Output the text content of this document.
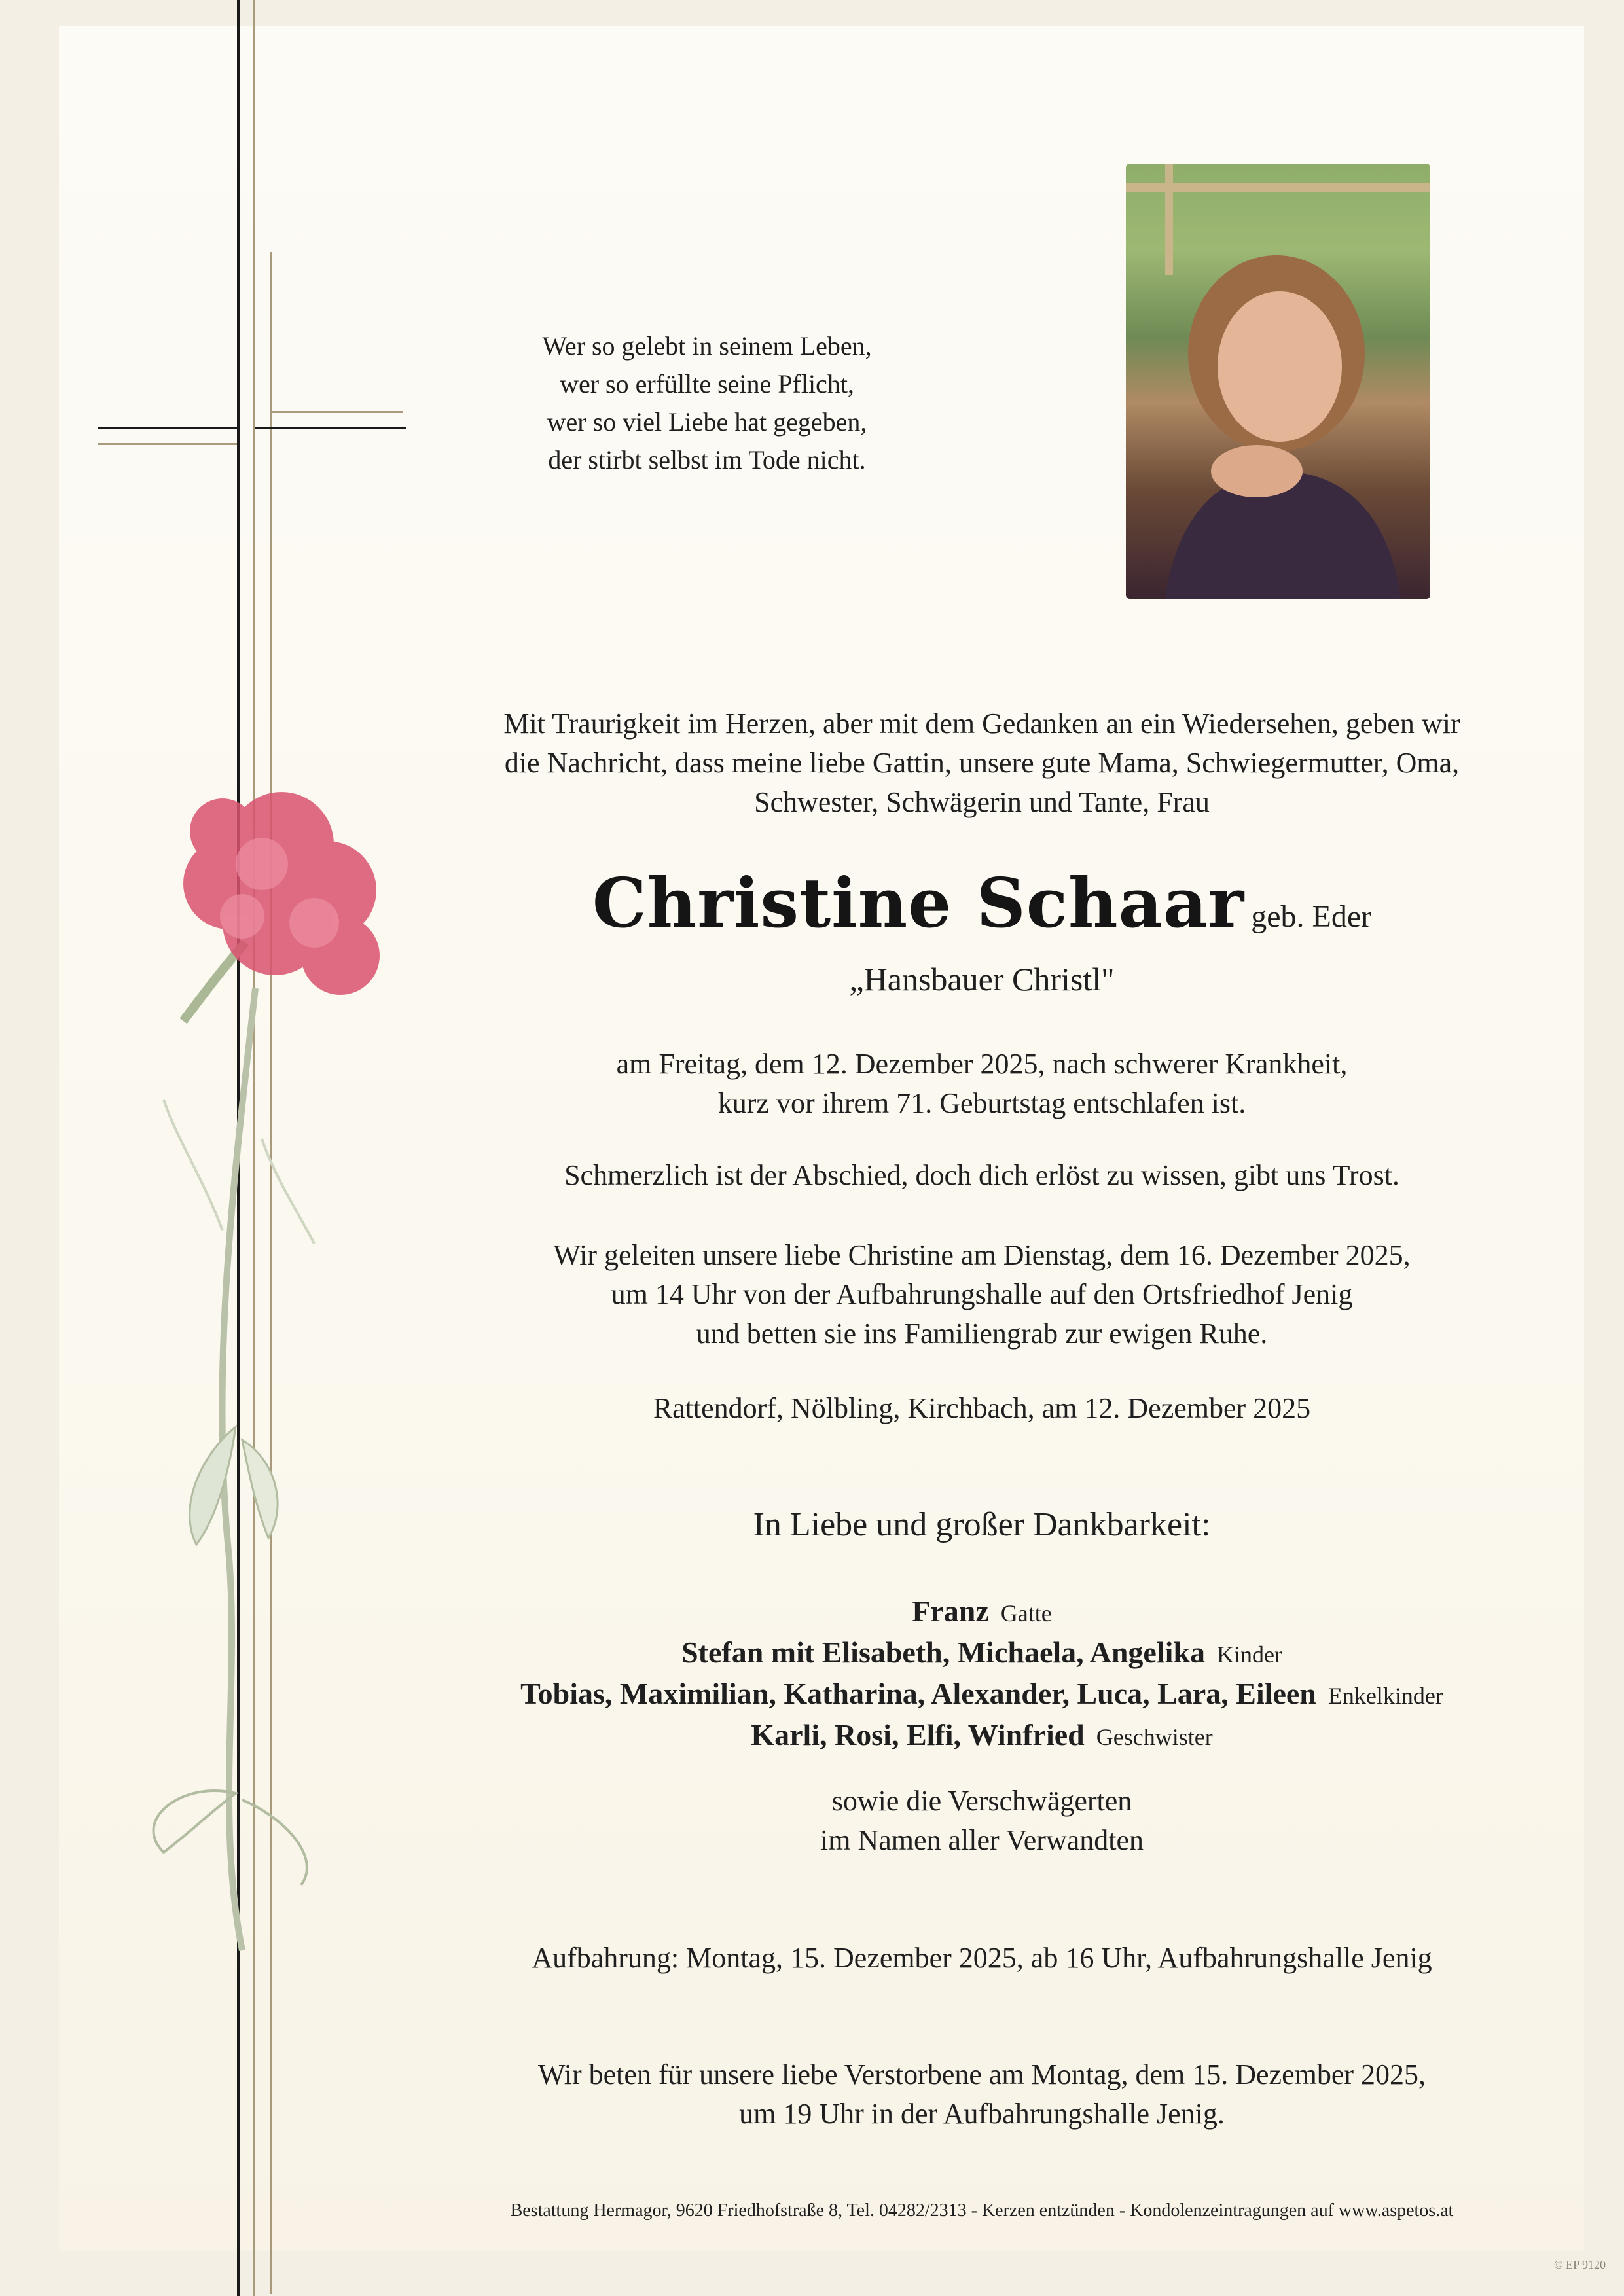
Wer so gelebt in seinem Leben,
wer so erfüllte seine Pflicht,
wer so viel Liebe hat gegeben,
der stirbt selbst im Tode nicht.
Mit Traurigkeit im Herzen, aber mit dem Gedanken an ein Wiedersehen, geben wir
die Nachricht, dass meine liebe Gattin, unsere gute Mama, Schwiegermutter, Oma,
Schwester, Schwägerin und Tante, Frau
Christine Schaar geb. Eder
„Hansbauer Christl"
am Freitag, dem 12. Dezember 2025, nach schwerer Krankheit,
kurz vor ihrem 71. Geburtstag entschlafen ist.
Schmerzlich ist der Abschied, doch dich erlöst zu wissen, gibt uns Trost.
Wir geleiten unsere liebe Christine am Dienstag, dem 16. Dezember 2025,
um 14 Uhr von der Aufbahrungshalle auf den Ortsfriedhof Jenig
und betten sie ins Familiengrab zur ewigen Ruhe.
Rattendorf, Nölbling, Kirchbach, am 12. Dezember 2025
In Liebe und großer Dankbarkeit:
Franz Gatte
Stefan mit Elisabeth, Michaela, Angelika Kinder
Tobias, Maximilian, Katharina, Alexander, Luca, Lara, Eileen Enkelkinder
Karli, Rosi, Elfi, Winfried Geschwister
sowie die Verschwägerten
im Namen aller Verwandten
Aufbahrung: Montag, 15. Dezember 2025, ab 16 Uhr, Aufbahrungshalle Jenig
Wir beten für unsere liebe Verstorbene am Montag, dem 15. Dezember 2025,
um 19 Uhr in der Aufbahrungshalle Jenig.
Bestattung Hermagor, 9620 Friedhofstraße 8, Tel. 04282/2313 - Kerzen entzünden - Kondolenzeintragungen auf www.aspetos.at
© EP 9120
